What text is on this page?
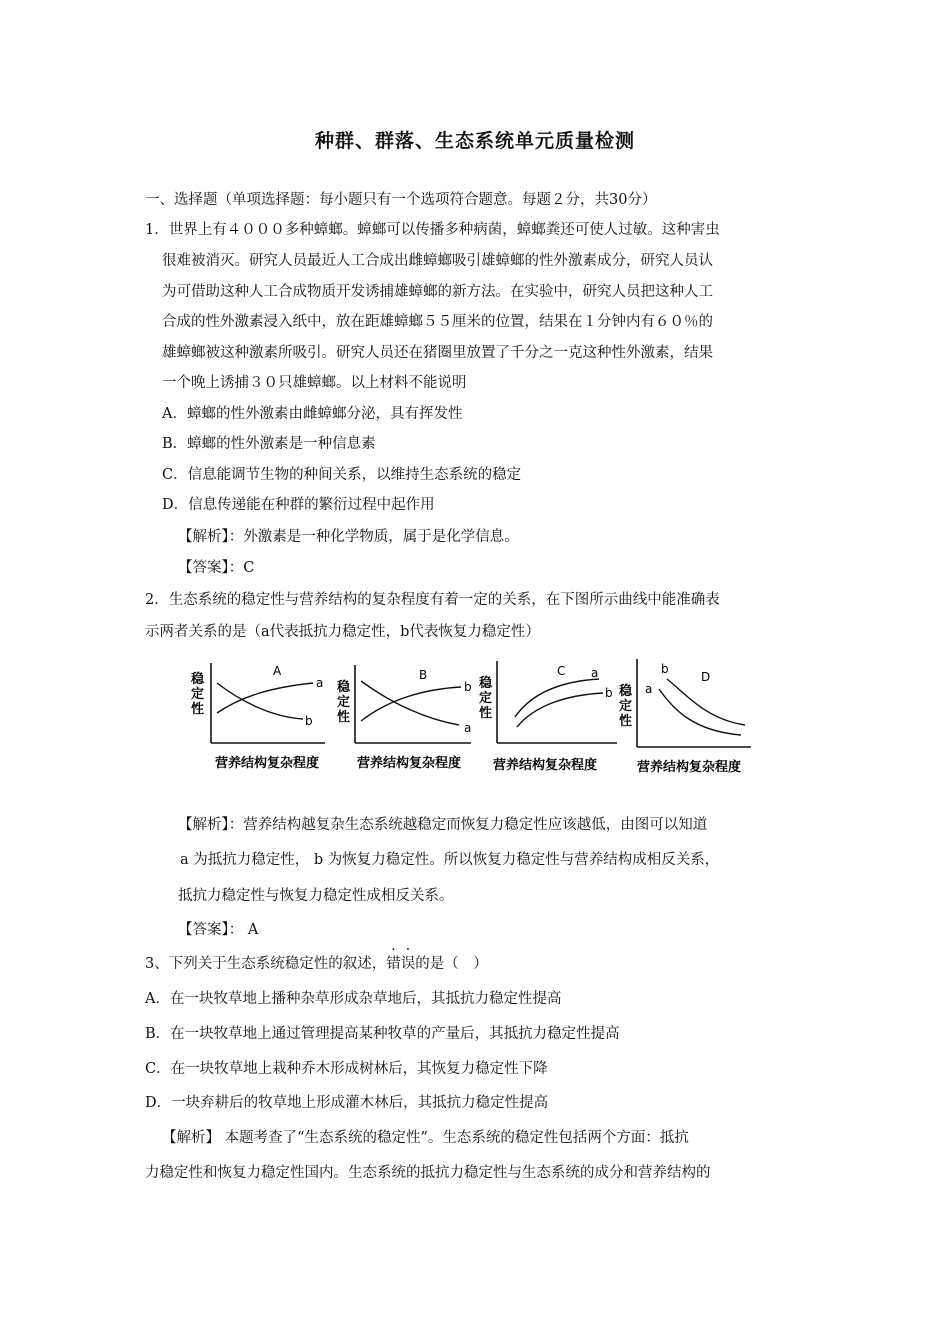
种群、群落、生态系统单元质量检测
一、选择题（单项选择题：每小题只有一个选项符合题意。每题２分，共30分）
1．世界上有４０００多种蟑螂。蟑螂可以传播多种病菌，蟑螂粪还可使人过敏。这种害虫
很难被消灭。研究人员最近人工合成出雌蟑螂吸引雄蟑螂的性外激素成分，研究人员认
为可借助这种人工合成物质开发诱捕雄蟑螂的新方法。在实验中，研究人员把这种人工
合成的性外激素浸入纸中，放在距雄蟑螂５５厘米的位置，结果在１分钟内有６０％的
雄蟑螂被这种激素所吸引。研究人员还在猪圈里放置了千分之一克这种性外激素，结果
一个晚上诱捕３０只雄蟑螂。以上材料不能说明
A．蟑螂的性外激素由雌蟑螂分泌，具有挥发性
B．蟑螂的性外激素是一种信息素
C．信息能调节生物的种间关系，以维持生态系统的稳定
D．信息传递能在种群的繁衍过程中起作用
【解析】：外激素是一种化学物质，属于是化学信息。
【答案】：C
2．生态系统的稳定性与营养结构的复杂程度有着一定的关系，在下图所示曲线中能准确表
示两者关系的是（a代表抵抗力稳定性，b代表恢复力稳定性）
稳
定
性
A
a
b
营养结构复杂程度
稳
定
性
B
b
a
营养结构复杂程度
稳
定
性
C a
b
营养结构复杂程度
稳
定
性
D
b
a
营养结构复杂程度
【解析】：营养结构越复杂生态系统越稳定而恢复力稳定性应该越低，由图可以知道
a 为抵抗力稳定性， b 为恢复力稳定性。所以恢复力稳定性与营养结构成相反关系，
抵抗力稳定性与恢复力稳定性成相反关系。
【答案】： A
3、下列关于生态系统稳定性的叙述，错误的是（　）
A．在一块牧草地上播种杂草形成杂草地后，其抵抗力稳定性提高
B．在一块牧草地上通过管理提高某种牧草的产量后，其抵抗力稳定性提高
C．在一块牧草地上栽种乔木形成树林后，其恢复力稳定性下降
D．一块弃耕后的牧草地上形成灌木林后，其抵抗力稳定性提高
【解析】 本题考查了“生态系统的稳定性”。生态系统的稳定性包括两个方面：抵抗
力稳定性和恢复力稳定性国内。生态系统的抵抗力稳定性与生态系统的成分和营养结构的
